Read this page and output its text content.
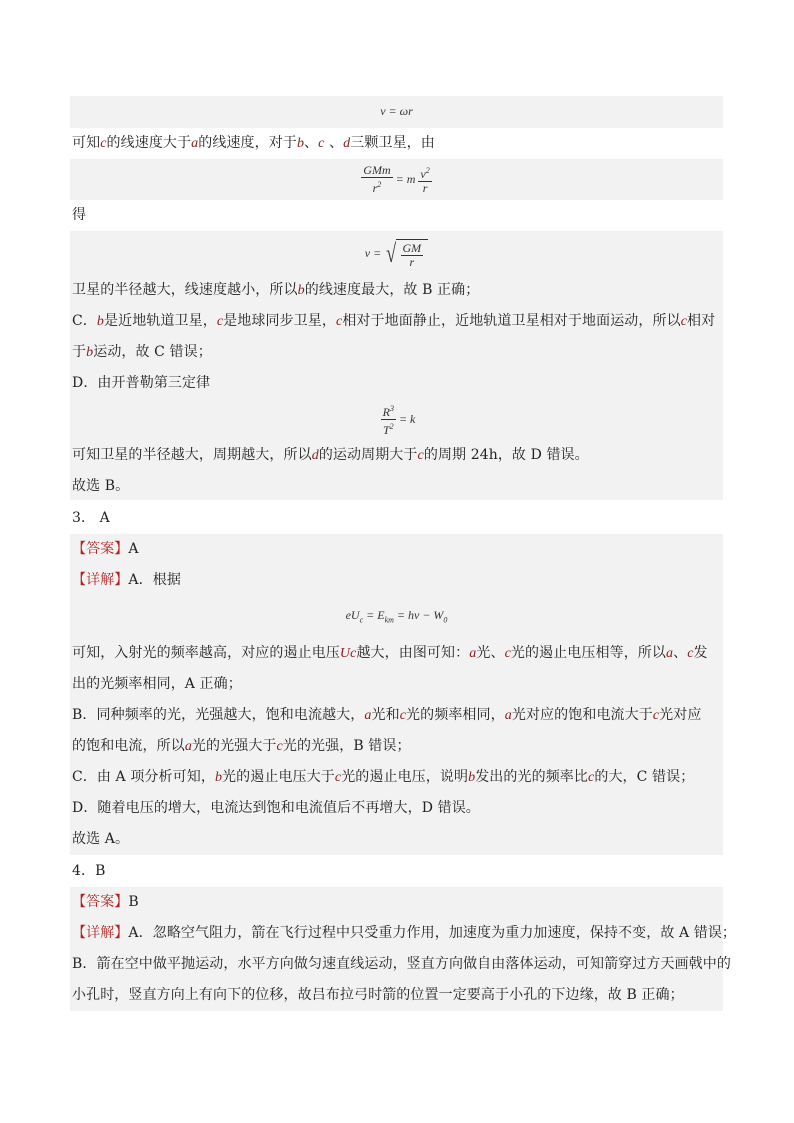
v
= ωr
可知c的线速度大于a的线速度，对于b、c 、d三颗卫星，由
$\frac{\text{GMm}}{r^2} = m \frac{v^2}{r}$
得
v =
√ $\frac{GM}{r}$
卫星的半径越大，线速度越小，所以b的线速度最大，故 B 正确；
C．b是近地轨道卫星，c是地球同步卫星，c相对于地面静止，近地轨道卫星相对于地面运动，所以c相对
于b运动，故 C 错误；
D．由开普勒第三定律
$\frac{R^3}{T^2} = k$
可知卫星的半径越大，周期越大，所以d的运动周期大于c的周期 24h，故 D 错误。
故选 B。
3． A
【答案】A
【详解】A．根据
$eU_c = E_{km} = h\nu - W_0$
可知，入射光的频率越高，对应的遏止电压Uc越大，由图可知：a光、c光的遏止电压相等，所以a、c发
出的光频率相同，A 正确；
B．同种频率的光，光强越大，饱和电流越大，a光和c光的频率相同，a光对应的饱和电流大于c光对应
的饱和电流，所以a光的光强大于c光的光强，B 错误；
C．由 A 项分析可知，b光的遏止电压大于c光的遏止电压，说明b发出的光的频率比c的大，C 错误；
D．随着电压的增大，电流达到饱和电流值后不再增大，D 错误。
故选 A。
4．B
【答案】B
【详解】A．忽略空气阻力，箭在飞行过程中只受重力作用，加速度为重力加速度，保持不变，故 A 错误；
B．箭在空中做平抛运动，水平方向做匀速直线运动，竖直方向做自由落体运动，可知箭穿过方天画戟中的
小孔时，竖直方向上有向下的位移，故吕布拉弓时箭的位置一定要高于小孔的下边缘，故 B 正确；
